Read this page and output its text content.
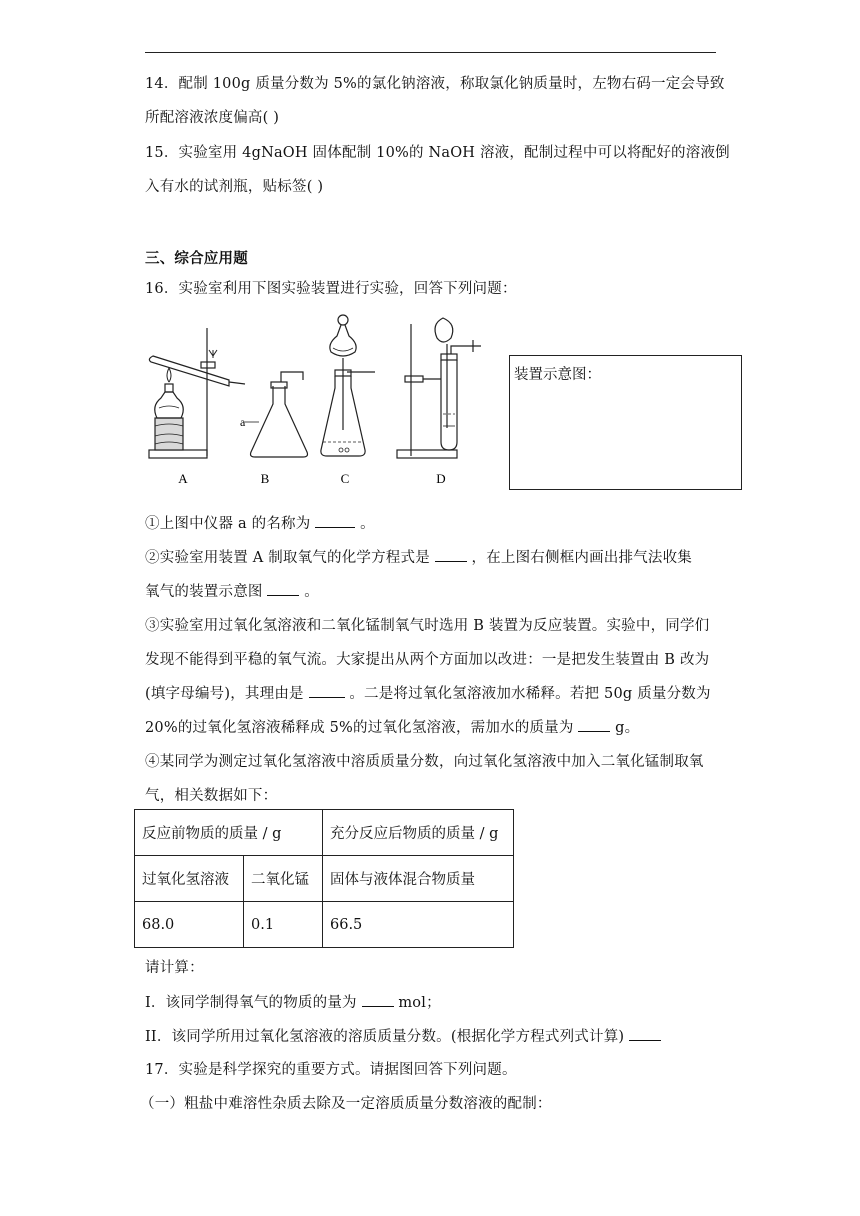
14．配制 100g 质量分数为 5%的氯化钠溶液，称取氯化钠质量时，左物右码一定会导致
所配溶液浓度偏高( )
15．实验室用 4gNaOH 固体配制 10%的 NaOH 溶液，配制过程中可以将配好的溶液倒
入有水的试剂瓶，贴标签( )
三、综合应用题
16．实验室利用下图实验装置进行实验，回答下列问题：
A	B	C	D
a
装置示意图：
①上图中仪器 a 的名称为	。
②实验室用装置 A 制取氧气的化学方程式是  ，在上图右侧框内画出排气法收集
氧气的装置示意图  。
③实验室用过氧化氢溶液和二氧化锰制氧气时选用 B 装置为反应装置。实验中，同学们
发现不能得到平稳的氧气流。大家提出从两个方面加以改进：一是把发生装置由 B 改为
(填字母编号)，其理由是  。二是将过氧化氢溶液加水稀释。若把 50g 质量分数为
20%的过氧化氢溶液稀释成 5%的过氧化氢溶液，需加水的质量为  g。
④某同学为测定过氧化氢溶液中溶质质量分数，向过氧化氢溶液中加入二氧化锰制取氧
气，相关数据如下：
反应前物质的质量 / g		充分反应后物质的质量 / g
过氧化氢溶液	二氧化锰	固体与液体混合物质量
68.0	0.1	66.5
请计算：
I．该同学制得氧气的物质的量为  mol；
II．该同学所用过氧化氢溶液的溶质质量分数。(根据化学方程式列式计算)
17．实验是科学探究的重要方式。请据图回答下列问题。
（一）粗盐中难溶性杂质去除及一定溶质质量分数溶液的配制：
